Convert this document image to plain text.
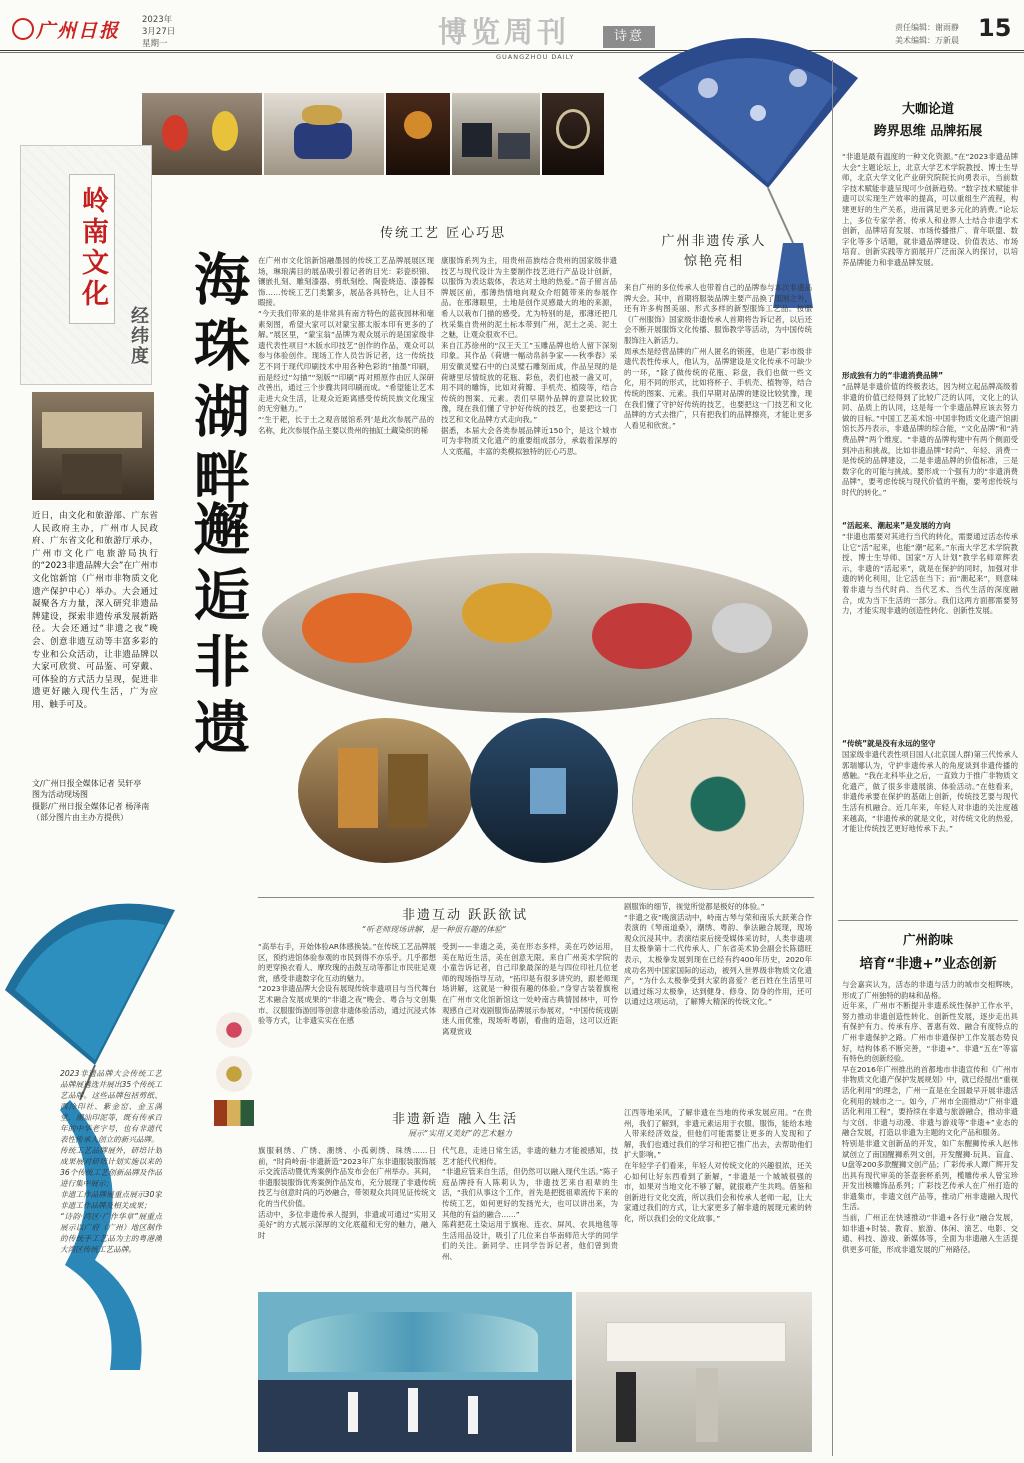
广州日报	2023年
3月27日
星期一	博览周刊	诗意
GUANGZHOU DAILY
责任编辑：谢雨静
美术编辑：万新晨 15
岭南文化
经纬度 海珠湖畔
邂逅非遗
近日，由文化和旅游部、广东省人民政府主办，广州市人民政府、广东省文化和旅游厅承办，广州市文化广电旅游局执行的“2023非遗品牌大会”在广州市文化馆新馆（广州市非物质文化遗产保护中心）举办。大会通过凝聚各方力量，深入研究非遗品牌建设，探索非遗传承发展新路径。大会还通过“非遗之夜”晚会、创意非遗互动等丰富多彩的专业和公众活动，让非遗品牌以大家可欣赏、可品鉴、可穿戴、可体验的方式活力呈现，促进非遗更好融入现代生活，广为应用、触手可及。
文/广州日报全媒体记者 吴轩亭
图为活动现场图
摄影/广州日报全媒体记者 杨泽南
（部分图片由主办方提供）
2023非遗品牌大会传统工艺品牌展遴选并展出35个传统工艺品牌。这些品牌包括剪纸、西泠印社、紫金窑、金玉满堂、潮汕印泥等，既有传承百年的中华老字号，也有非遗代表性传承人创立的新兴品牌。
传统工艺品牌展外，研培计划成果展对研培计划实施以来的36个传统工艺创新品牌及作品进行集中展示；
非遗工作品牌展重点展示30家非遗工作品牌及相关成果；
“诗韵·湾区·广作华章”展重点展示以广府（广州）地区制作的传统手工艺品为主的粤港澳大湾区传统工艺品牌。
传统工艺 匠心巧思
在广州市文化馆新馆融墨园的传统工艺品牌展展区现场，琳琅满目的展品吸引着记者的目光：彩瓷织锦、镶嵌扎刻、雕刻漆器、剪纸刻绘、陶瓷烧造、漆器髹饰……传统工艺门类繁多，展品各具特色，让人目不暇接。
“今天我们带来的是非常具有南方特色的蓝夜园林和毫素刻图，希望大家可以对蒙宝都太版本印有更多的了解。”展区里，“蒙宝翁”品牌为观众展示的是国家级非遗代表性项目“木版水印技艺”创作的作品，观众可以参与体验创作。现场工作人员告诉记者，这一传统技艺不同于现代印刷技术中用各种色彩的“抽墨”印刷，而是经过“勾描”“刻版”“印刷”再对照原作由匠人深研改善出，通过三个步骤共同印刷而成。“希望能让艺术走进大众生活，让观众近距离感受传统民族文化瑰宝的无穷魅力。”
“‘生于耙，长于土之观音展馆系列’是此次参展产品的名称，此次参展作品主要以贵州的抽缸土藏染织的稀
康服饰系列为主，用贵州苗族结合贵州的国家级非遗技艺与现代设计为主要制作技艺进行产品设计创新，以服饰为表达载体，表达对土地的热爱。”苗子留言品牌展区前，那薄热情地向观众介绍随带来的参展作品。在那薄眼里，土地是创作灵感最大的地的来源，希人以栽布门描的感受。尤为特别的是，那薄还把几枕采集自贵州的泥土标本带到广州，泥土之美、泥土之魅，让观众很欢不已。
来自江苏徐州的“汉王天工”玉雕品牌也给人留下深刻印象。其作品《荷塘一幅动帛斜争家——秋季春》采用安徽灵璧石中的白灵璧石雕刻而成，作品呈现的是荷塘里尽情绽放的花瓶、彩鱼，表们也被一盏又可，用不同的雕饰，比如对荷瓣、手机壳、植陵等，结合传统的图案、元素。表们早期外品牌的意误比较犹豫，现在我们懂了守护好传统的技艺，也要把这一门技艺和文化品牌方式走向我。”
据悉，本届大会各类参展品牌近150个，是这个城市可为非物质文化遗产的重要组成部分，承载着深厚的人文底蕴，丰富的类模拟独特的匠心巧思。
广州非遗传承人
惊艳亮相
来自广州的多位传承人也带着自己的品牌参与本次非遗品牌大会。其中，首期将服装品牌主要产品换了服刚之外，还有许多构图美丽、形式多样的新型服饰工艺品。按服《广州服饰》国家级非遗传承人首期将告诉记者，以后还会不断开展服饰文化传播、服饰教学等活动，为中国传统服饰注入新活力。
周承杰是经营品牌的广州人匿名的锁莲，也是广彩市级非遗代表性传承人，他认为，品牌建设是文化传承不可缺少的一环，“除了做传统的花瓶、彩盘，我们也做一些文化，用不同的形式，比如将杯子、手机壳、植物等，结合传统的图案、元素。我们早期对品牌的建设比较犹豫，现在我们懂了守护好传统的技艺，也要把这一门技艺和文化品牌的方式去推广，只有把我们的品牌擦亮，才能让更多人看见和欣赏。”
非遗互动 跃跃欲试
“听老师现场讲解，是一种很有趣的体验”
“高举右手，开始体验AR体感换装。”在传统工艺品牌展区，预约进馆体验参观的市民到得不亦乐乎。几乎都想的更穿换衣看人、摩玫瑰的击鼓互动等都让市民驻足观赏，感受非遗数字化互动的魅力。
“2023非遗品牌大会设有展现传统非遗项目与当代舞台艺术融合发展成果的“非遗之夜”晚会、粤合与文创集市、汉服服饰游园等创意非遗体验活动，通过沉浸式体验等方式，让非遗实实在在感
受到——非遗之美，美在形态多样，美在巧妙运用，美在贴近生活，美在创意无限。来自广州美术学院的小童告诉记者，自己印象最深的是与四位印社几位老师的现场指导互动，“拓印是有很多讲究的，跟老师现场讲解，这就是一种很有趣的体验。”身穿古装着旗袍在广州市文化馆新馆这一处岭南古典情园林中，可怜观感自己对戏剧服饰品牌展示参展对，“中国传统戏剧迷人而优雅，现场听粤剧，看曲的造诣，这可以近距离观赏戏
剧服饰的细节，视觉所觉都是极好的体验。”
“非遗之夜”晚演活动中，岭南古琴与荣和南乐大跃莱合作表演的《琴南道桑》，潮绣、粤韵、拳法融合展现，现场观众沉浸其中。表演结束后接受媒体采访时，人类非遗项目太极拳第十二代传承人、广东省美术协会副会长陈德旺表示，太极拳发展到现在已经有约400年历史，2020年成功名列中国家国际的运动，被列入世界级非物质文化遗产，“为什么太极拳受到大家的喜爱？老百姓在生活里可以通过练习太极拳，达到健身、修身、防身的作用，还可以通过这项运动，了解博大精深的传统文化。”
非遗新造 融入生活
展示“实用又美好”的艺术魅力
旗服刺绣、广绣、潮绣、小孤刺绣、珠绣……日前，“时尚岭南·非遗新造”2023年广东非遗服装服饰展示交流活动暨优秀案例作品发布会在广州举办。其间，非遗服装服饰优秀案例作品发布，充分展现了非遗传统技艺与创意时尚的巧妙融合，带领观众共同见证传统文化的当代价值。
活动中，多位非遗传承人提到，非遗或可通过“实用又美好”的方式展示深厚的文化底蕴和无穷的魅力，融入时
代气息，走进日常生活，非遗的魅力才能被感知，技艺才能代代相传。
“非遗应管来自生活，但仍然可以融入现代生活。”陈子庭品牌持有人陈莉认为，非遗技艺来自祖辈的生活，“我们从事这个工作，首先是把挺祖辈流传下来的传统工艺，如何更好的发扬光大，也可以讲出来，为其他的有益的融合……”
陈莉把花土染运用于旗袍、连衣、屏风、衣具地毯等生活用品设计，吸引了几位来自华南师范大学的同学们的关注。新同学、庄同学告诉记者，他们曾到贵州、
江西等地采风，了解非遗在当地的传承发展应用。“在贵州，我们了解到，非遗元素运用于衣服、服饰，能给本地人带来经济效益，但他们可能需要让更多的人发现和了解，我们也通过我们的学习和把它推广出去，去帮助他们扩大影响。”
在年轻学子们看来，年轻人对传统文化的兴趣很浓，还关心如何让好东西看到了新解，“非遗是一个城城很强的市，如果对当地文化不够了解，就很难产生共鸣。借鉴和创新进行文化交流，所以我们会和传承人老师一起，让大家通过我们的方式，让大家更多了解非遗的展现元素的转化，所以我们会的文化故事。”
大咖论道
跨界思维 品牌拓展
“非遗是最有温度的一种文化资源。”在“2023非遗品牌大会”主题论坛上，北京大学艺术学院教授、博士生导师，北京大学文化产业研究院院长向勇表示，当前数字技术赋能非遗呈现可少创新趋势。“数字技术赋能非遗可以实现生产效率的提高，可以重组生产流程，构建更好的生产关系，进而满足更多元化的消费。”论坛上，多位专家学者、传承人和业界人士结合非遗学术创新，品牌培育发展、市场传播推广、青年联盟、数字化等多个话题，就非遗品牌建设、价值表达、市场培育、创新实践等方面展开广泛而深入的探讨，以培养品牌能力和非遗品牌发展。
形成独有力的“非遗消费品牌”
“品牌是非遗价值的终极表达，因为树立起品牌高级着非遗的价值已经得到了比较广泛的认同，文化上的认同、品质上的认同，这是每一个非遗品牌应该去努力做的目标。”中国工艺美术馆·中国非物质文化遗产馆副馆长苏丹表示，非遗品牌的综合能，“文化品牌”和“消费品牌”两个维度。“非遗的品牌构建中有两个侧面受到冲击和挑战，比如非遗品牌“时尚”、年轻、消费一是传统的品牌建设，二是非遗品牌的价值标准，三是数字化的可能与挑战。要形成一个强有力的“非遗消费品牌”，要考虑传统与现代价值的平衡，要考虑传统与时代的转化。”
“活起来、潮起来”是发展的方向
“非遗也需要对其进行当代的转化，需要通过活态传承让它“活”起来，也能“潮”起来。”东南大学艺术学院教授、博士生导师、国家“万人计划”教学名师章辉表示，非遗的“活起来”，就是在保护的同时，加强对非遗的转化利用，让它活在当下；而“潮起来”，则意味着非遗与当代时尚、当代艺术、当代生活的深度融合，成为当下生活的一部分。我们这两方面都需要努力，才能实现非遗的创造性转化、创新性发展。
“传统”就是没有永远的坚守
国家级非遗代表性项目国人(北京国人群)第三代传承人郭瑞娜认为，守护非遗传承人的角度谈到非遗传播的感触。“我在北科毕业之后，一直致力于推广非物质文化遗产，做了很多非遗展演、体验活动。”在他看来，非遗传承要在保护的基础上创新，传统技艺要与现代生活有机融合。近几年来，年轻人对非遗的关注度越来越高，“非遗传承的就是文化，对传统文化的热爱，才能让传统技艺更好地传承下去。”
广州韵味
培育“非遗+”业态创新
与会嘉宾认为，活态的非遗与活力的城市交相辉映，形成了广州独特的韵味和品格。
近年来，广州市不断提升非遗系统性保护工作水平，努力推动非遗创造性转化、创新性发展，逐步走出具有保护有力、传承有序、普惠有效、融合有度特点的广州非遗保护之路。广州市非遗保护工作发展态势良好，结构体系不断完善，“非遗+”、非遗“五在”等富有特色的创新经验。
早在2016年广州推出的首都地市非遗宣传和《广州市非物质文化遗产保护发展规划》中，就已经提出“重视活化利用”的理念，广州一直是在全国最早开展非遗活化利用的城市之一。如今，广州市全面推动“广州非遗活化利用工程”，要持续在非遗与旅游融合，推动非遗与文创、非遗与动漫、非遗与游戏等“非遗+”业态的融合发展，打造以非遗为主题的文化产品和服务。
特别是非遗文创新品的开发，如广东醒狮传承人赵伟斌创立了南国醒狮系列文创，开发醒狮·玩具、盲盒、U盘等200多款醒狮文创产品；广彩传承人谭广辉开发出具有现代审美的茶壶套杯系列，榄雕传承人曾宝珍开发出核雕饰品系列；广彩技艺传承人在广州打造的非遗集市，非遗文创产品等，推动广州非遗融入现代生活。
当前，广州正在快速推动“非遗+各行业”融合发展，如非遗+时装、教育、旅游、体闲、演艺、电影、交通、科技、游戏、新媒体等，全面为非遗融入生活提供更多可能，形成非遗发展的广州路径。
